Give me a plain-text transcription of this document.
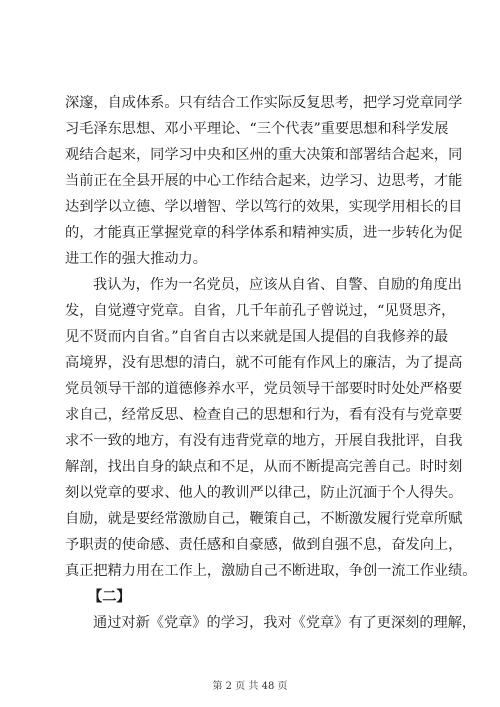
深邃，自成体系。只有结合工作实际反复思考，把学习党章同学
习毛泽东思想、邓小平理论、“三个代表”重要思想和科学发展
观结合起来，同学习中央和区州的重大决策和部署结合起来，同
当前正在全县开展的中心工作结合起来，边学习、边思考，才能
达到学以立德、学以增智、学以笃行的效果，实现学用相长的目
的，才能真正掌握党章的科学体系和精神实质，进一步转化为促
进工作的强大推动力。
我认为，作为一名党员，应该从自省、自警、自励的角度出
发，自觉遵守党章。自省，几千年前孔子曾说过，“见贤思齐，
见不贤而内自省。”自省自古以来就是国人提倡的自我修养的最
高境界，没有思想的清白，就不可能有作风上的廉洁，为了提高
党员领导干部的道德修养水平，党员领导干部要时时处处严格要
求自己，经常反思、检查自己的思想和行为，看有没有与党章要
求不一致的地方，有没有违背党章的地方，开展自我批评，自我
解剖，找出自身的缺点和不足，从而不断提高完善自己。时时刻
刻以党章的要求、他人的教训严以律己，防止沉湎于个人得失。
自励，就是要经常激励自己，鞭策自己，不断激发履行党章所赋
予职责的使命感、责任感和自豪感，做到自强不息，奋发向上，
真正把精力用在工作上，激励自己不断进取，争创一流工作业绩。
【二】
通过对新《党章》的学习，我对《党章》有了更深刻的理解，
第 2 页 共 48 页
